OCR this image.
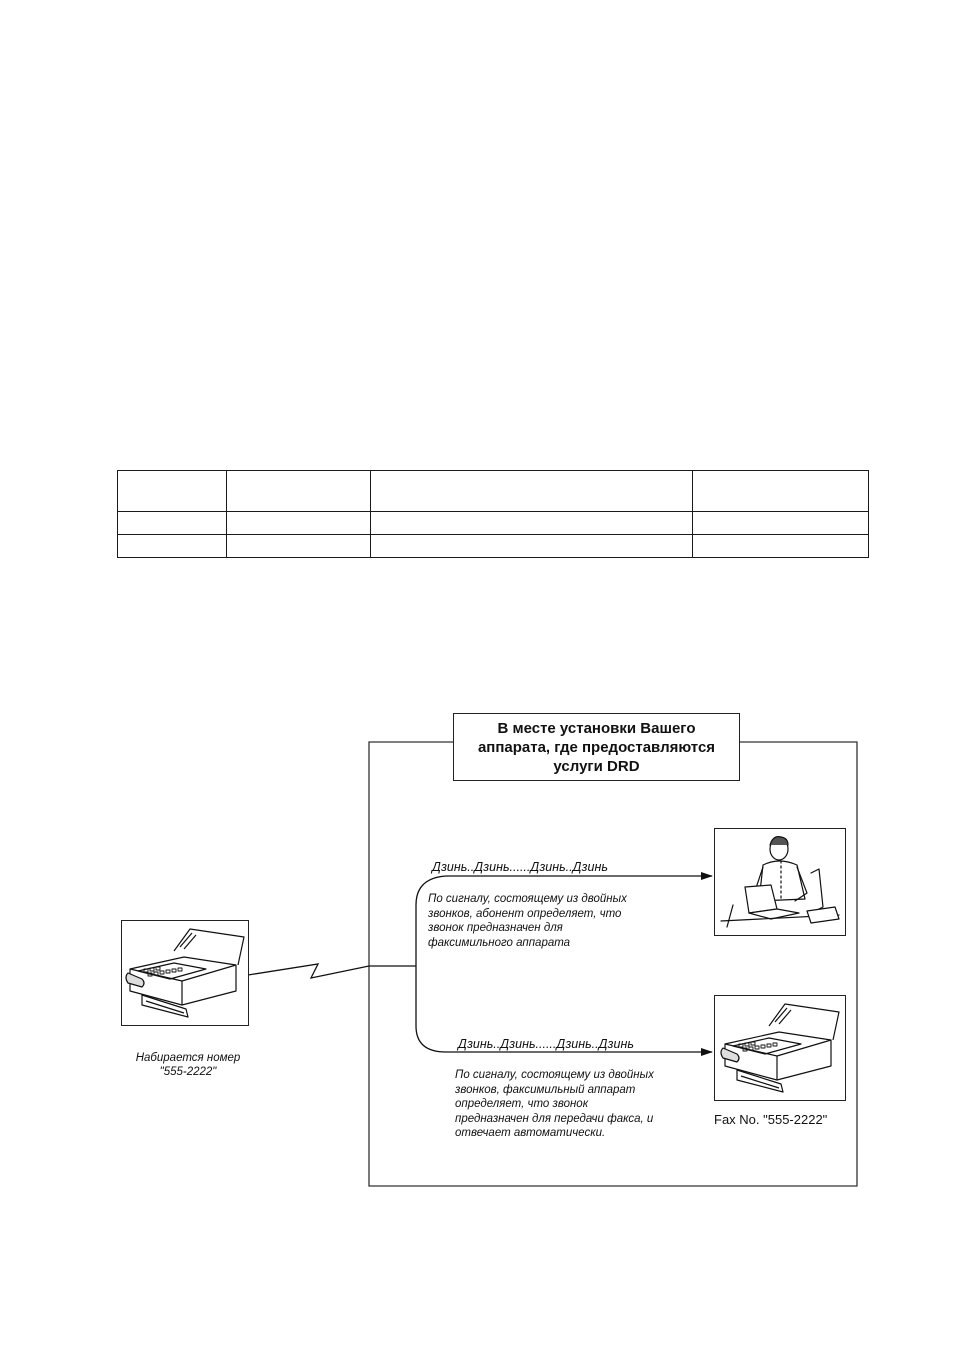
В месте установки Вашего
аппарата, где предоставляются
услуги DRD
Дзинь..Дзинь......Дзинь..Дзинь
Дзинь..Дзинь......Дзинь..Дзинь
По сигналу, состоящему из двойных
звонков, абонент определяет, что
звонок предназначен для
факсимильного аппарата
По сигналу, состоящему из двойных
звонков, факсимильный аппарат
определяет, что звонок
предназначен для передачи факса, и
отвечает автоматически.
Набирается номер
"555-2222"
Fax No. "555-2222"
